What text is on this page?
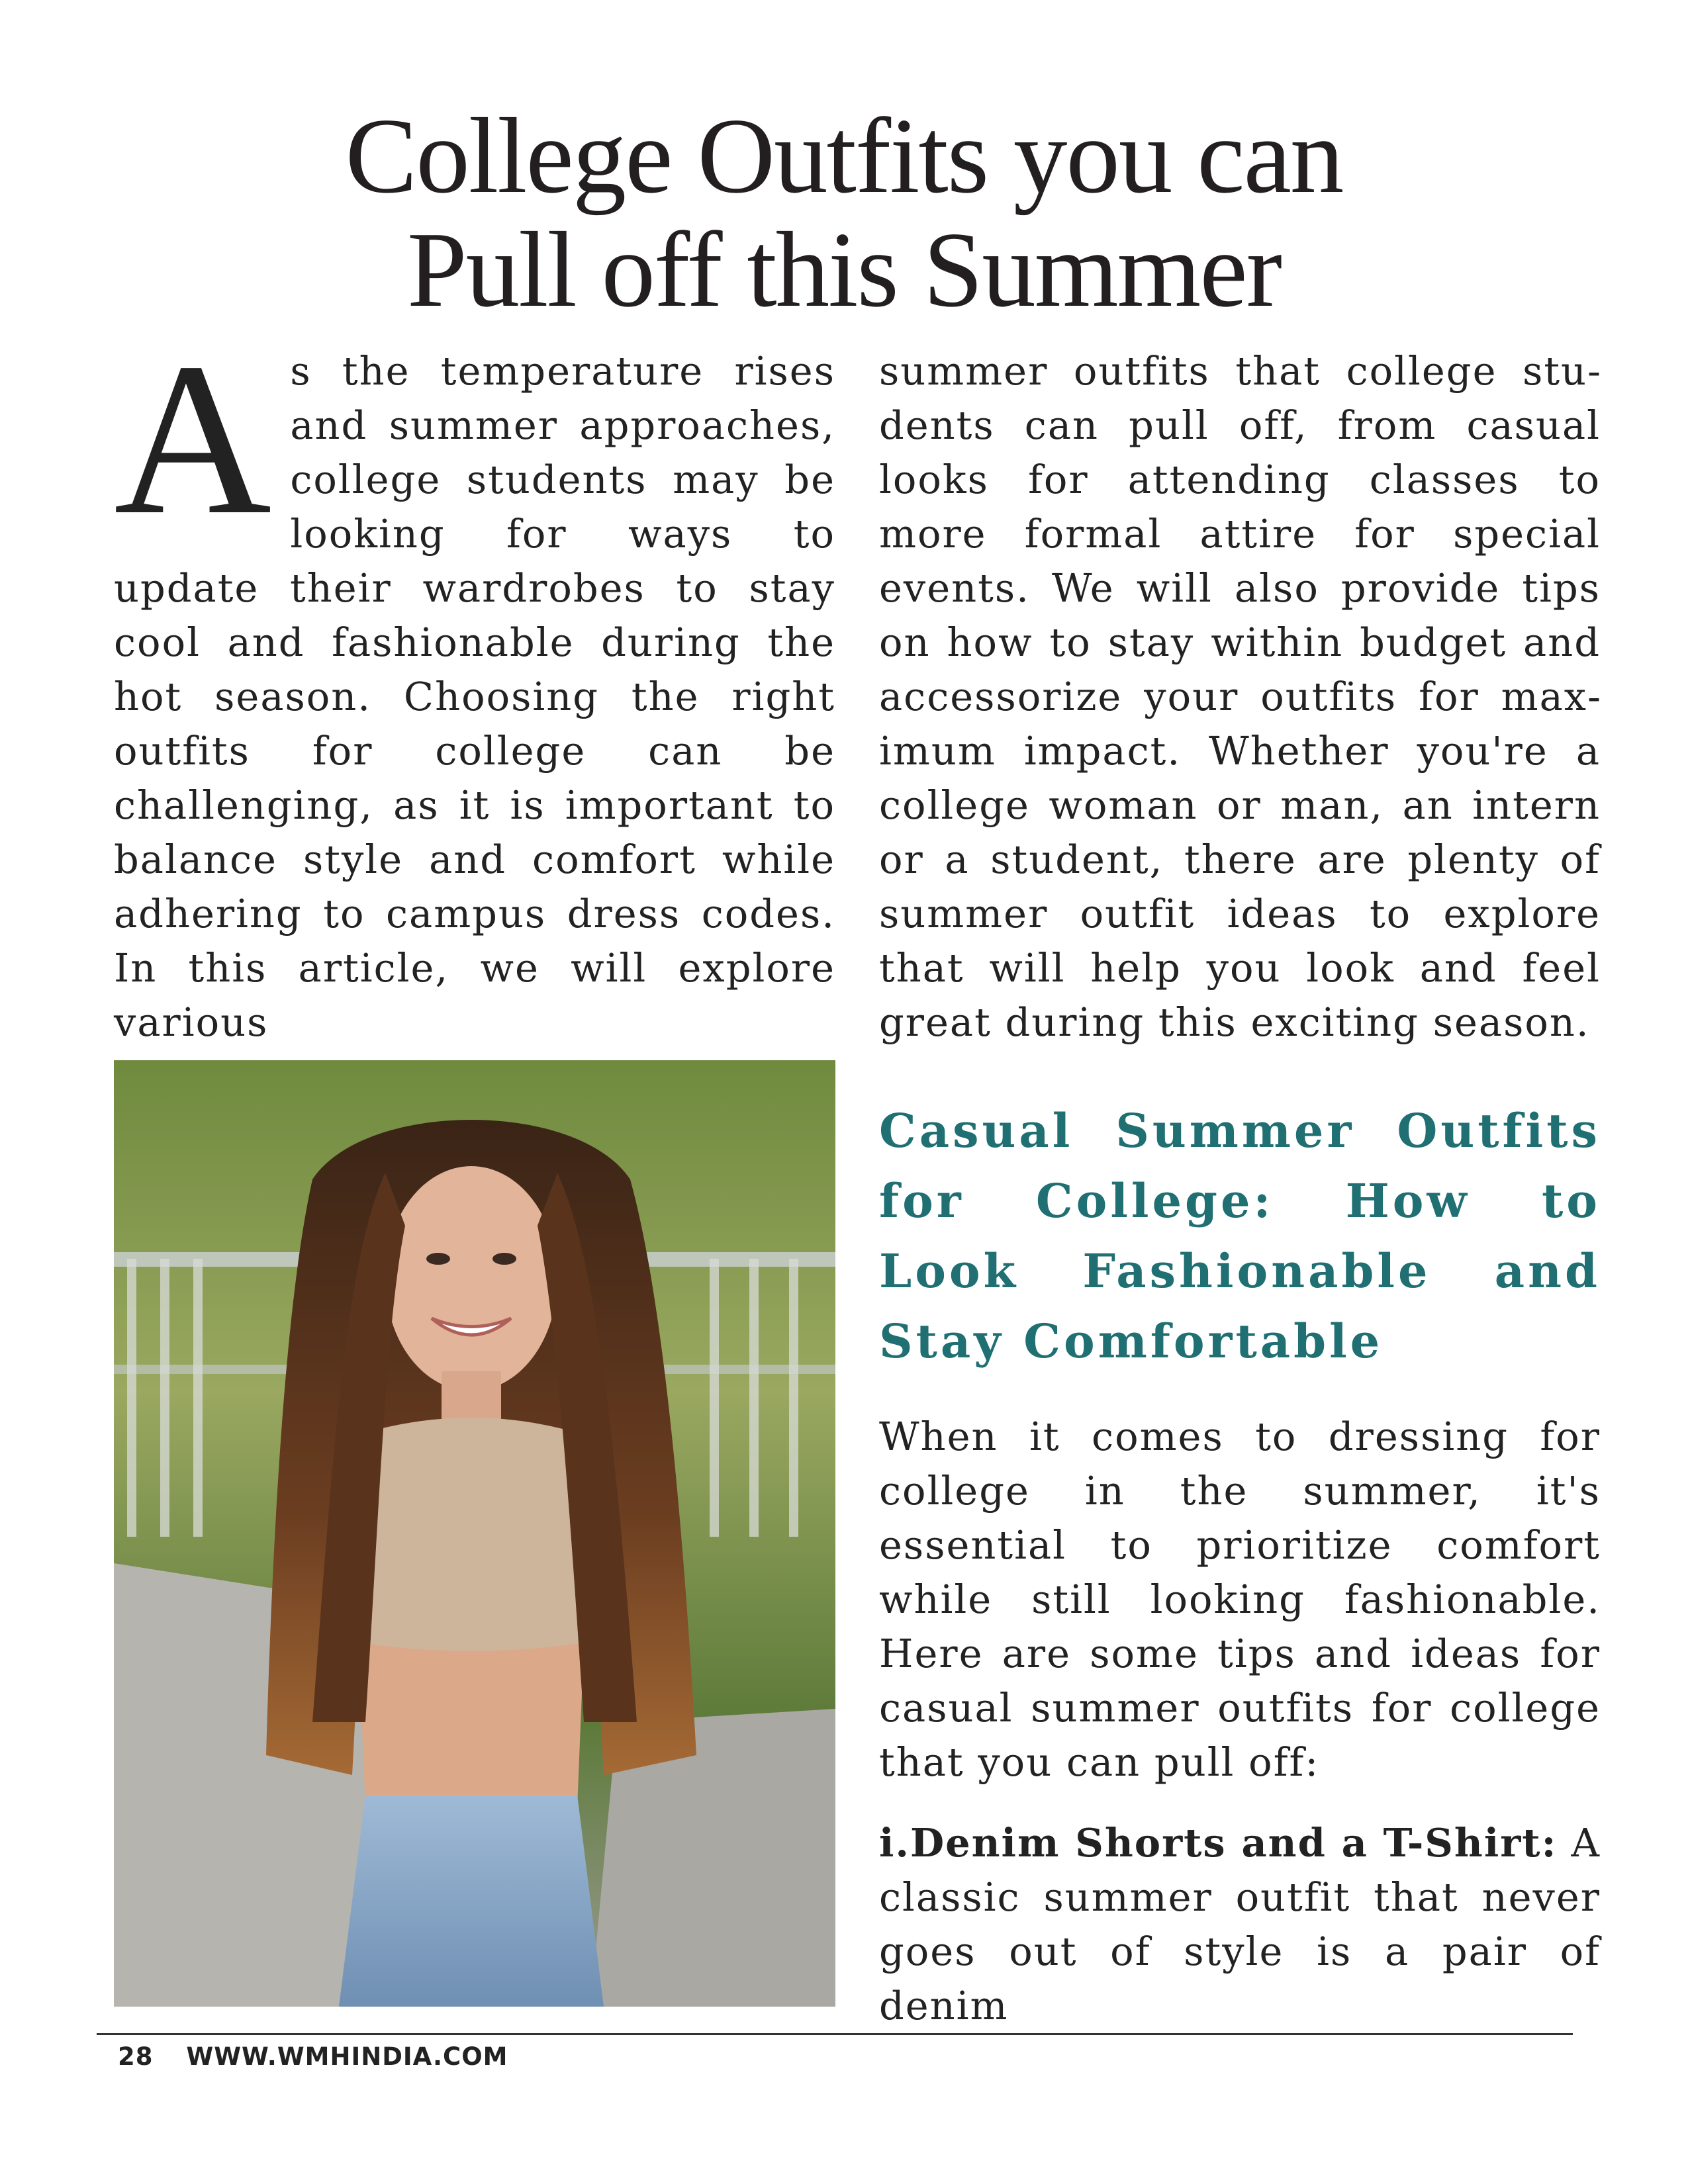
College Outfits you can
Pull off this Summer

As the temperature rises and summer approaches, college students may be looking for ways to update their wardrobes to stay cool and fashionable during the hot season. Choosing the right outfits for college can be challenging, as it is important to balance style and comfort while adhering to campus dress codes. In this article, we will explore various

summer outfits that college students can pull off, from casual looks for attending classes to more formal attire for special events. We will also provide tips on how to stay within budget and accessorize your outfits for maximum impact. Whether you're a college woman or man, an intern or a student, there are plenty of summer outfit ideas to explore that will help you look and feel great during this exciting season.

Casual Summer Outfits for College: How to Look Fashionable and Stay Comfortable

When it comes to dressing for college in the summer, it's essential to prioritize comfort while still looking fashionable. Here are some tips and ideas for casual summer outfits for college that you can pull off:

i.Denim Shorts and a T-Shirt: A classic summer outfit that never goes out of style is a pair of denim

28 WWW.WMHINDIA.COM
